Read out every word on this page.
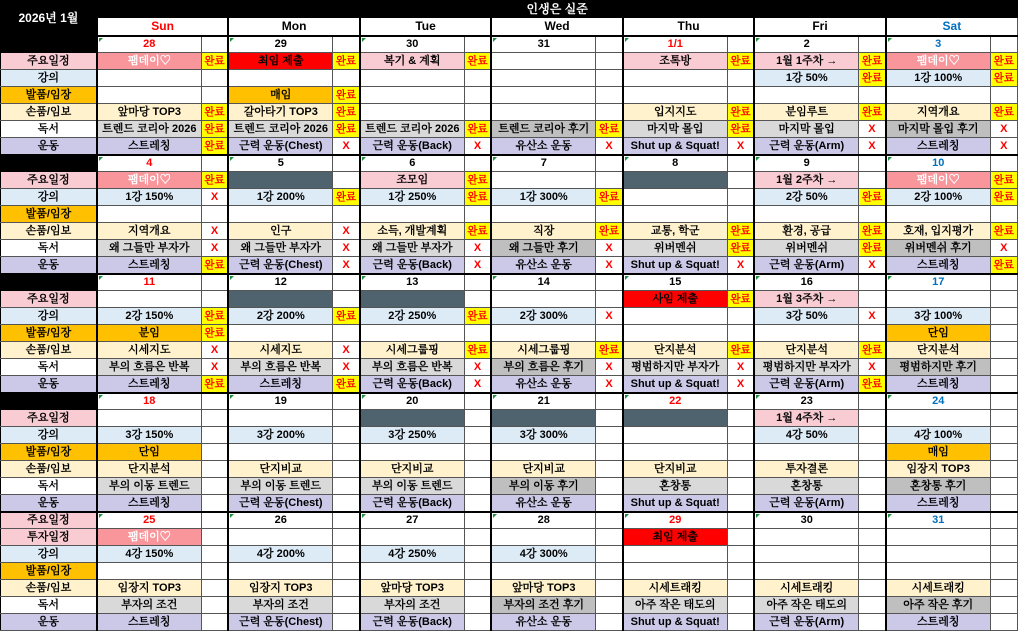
2026년 1월	인생은 실준													
	Sun		Mon		Tue		Wed		Thu		Fri		Sat	
	28		29		30		31		1/1		2		3

주요일정	팸데이♡	완료	최임 제출	완료	복기 & 계획	완료			조톡방	완료	1월 1주차 →	완료	팸데이♡	완료
강의											1강 50%	완료	1강 100%	완료
발품/임장			매임	완료										
손품/임보	앞마당 TOP3	완료	갈아타기 TOP3	완료					입지지도	완료	분임루트	완료	지역개요	완료
독서	트렌드 코리아 2026	완료	트렌드 코리아 2026	완료	트렌드 코리아 2026	완료	트렌드 코리아 후기	완료	마지막 몰입	완료	마지막 몰입	X	마지막 몰입 후기	X
운동	스트레칭	완료	근력 운동(Chest)	X	근력 운동(Back)	X	유산소 운동	X	Shut up & Squat!	X	근력 운동(Arm)	X	스트레칭	X
	4		5		6		7		8		9		10

주요일정	팸데이♡	완료			조모임	완료					1월 2주차 →		팸데이♡	완료
강의	1강 150%	X	1강 200%	완료	1강 250%	완료	1강 300%	완료			2강 50%	완료	2강 100%	완료
발품/임장														
손품/임보	지역개요	X	인구	X	소득, 개발계획	완료	직장	완료	교통, 학군	완료	환경, 공급	완료	호재, 입지평가	완료
독서	왜 그들만 부자가	X	왜 그들만 부자가	X	왜 그들만 부자가	X	왜 그들만 후기	X	위버멘쉬	완료	위버멘쉬	완료	위버멘쉬 후기	X
운동	스트레칭	완료	근력 운동(Chest)	X	근력 운동(Back)	X	유산소 운동	X	Shut up & Squat!	X	근력 운동(Arm)	X	스트레칭	완료
	11		12		13		14		15		16		17

주요일정									사임 제출	완료	1월 3주차 →			
강의	2강 150%	완료	2강 200%	완료	2강 250%	완료	2강 300%	X			3강 50%	X	3강 100%	
발품/임장	분임	완료											단임	
손품/임보	시세지도	X	시세지도	X	시세그룹핑	완료	시세그룹핑	완료	단지분석	완료	단지분석	완료	단지분석	
독서	부의 흐름은 반복	X	부의 흐름은 반복	X	부의 흐름은 반복	X	부의 흐름은 후기	X	평범하지만 부자가	X	평범하지만 부자가	X	평범하지만 후기	
운동	스트레칭	완료	스트레칭	완료	근력 운동(Back)	X	유산소 운동	X	Shut up & Squat!	X	근력 운동(Arm)	완료	스트레칭	
	18		19		20		21		22		23		24

주요일정											1월 4주차 →			
강의	3강 150%		3강 200%		3강 250%		3강 300%				4강 50%		4강 100%	
발품/임장	단임												매임	
손품/임보	단지분석		단지비교		단지비교		단지비교		단지비교		투자결론		임장지 TOP3	
독서	부의 이동 트렌드		부의 이동 트렌드		부의 이동 트렌드		부의 이동 후기		혼창통		혼창통		혼창통 후기	
운동	스트레칭		근력 운동(Chest)		근력 운동(Back)		유산소 운동		Shut up & Squat!		근력 운동(Arm)		스트레칭	
주요일정	25		26		27		28		29		30		31

투자일정	팸데이♡								최임 제출					
강의	4강 150%		4강 200%		4강 250%		4강 300%							
발품/임장														
손품/임보	임장지 TOP3		임장지 TOP3		앞마당 TOP3		앞마당 TOP3		시세트래킹		시세트래킹		시세트래킹	
독서	부자의 조건		부자의 조건		부자의 조건		부자의 조건 후기		아주 작은 태도의		아주 작은 태도의		아주 작은 후기	
운동	스트레칭		근력 운동(Chest)		근력 운동(Back)		유산소 운동		Shut up & Squat!		근력 운동(Arm)		스트레칭	
